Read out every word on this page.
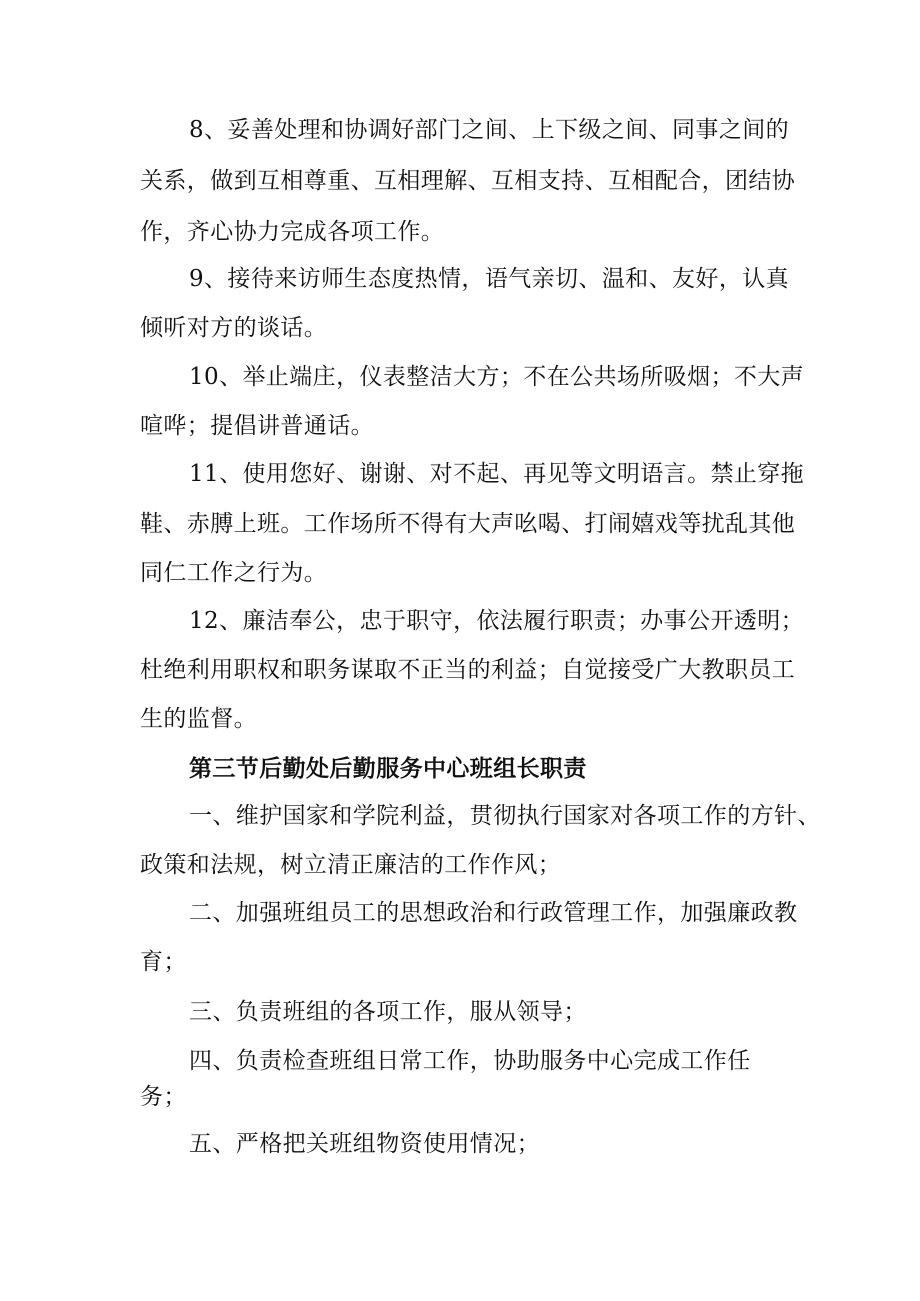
8、妥善处理和协调好部门之间、上下级之间、同事之间的

关系，做到互相尊重、互相理解、互相支持、互相配合，团结协

作，齐心协力完成各项工作。

9、接待来访师生态度热情，语气亲切、温和、友好，认真

倾听对方的谈话。

10、举止端庄，仪表整洁大方；不在公共场所吸烟；不大声

喧哗；提倡讲普通话。

11、使用您好、谢谢、对不起、再见等文明语言。禁止穿拖

鞋、赤膊上班。工作场所不得有大声吆喝、打闹嬉戏等扰乱其他

同仁工作之行为。

12、廉洁奉公，忠于职守，依法履行职责；办事公开透明；

杜绝利用职权和职务谋取不正当的利益；自觉接受广大教职员工

生的监督。

第三节后勤处后勤服务中心班组长职责

一、维护国家和学院利益，贯彻执行国家对各项工作的方针、

政策和法规，树立清正廉洁的工作作风；

二、加强班组员工的思想政治和行政管理工作，加强廉政教

育；

三、负责班组的各项工作，服从领导；

四、负责检查班组日常工作，协助服务中心完成工作任

务；

五、严格把关班组物资使用情况；
